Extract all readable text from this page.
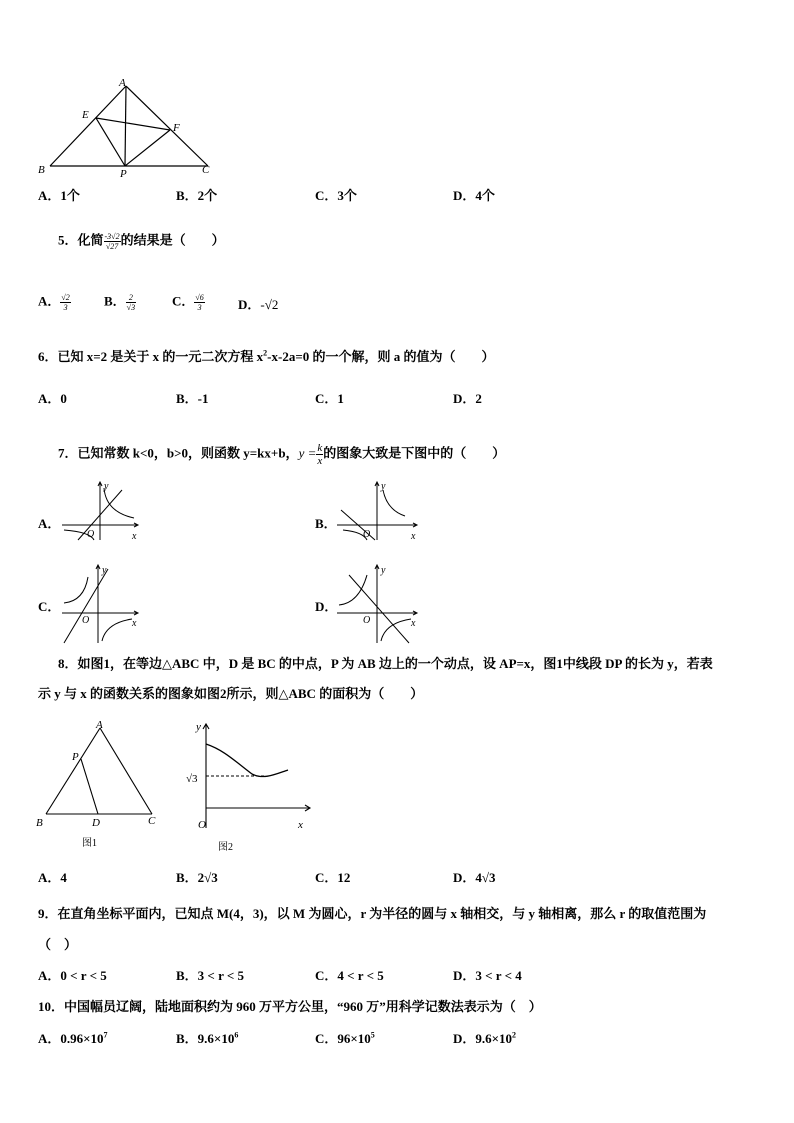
A
E
F
B	P	C
A．1个	B．2个	C．3个	D．4个
5．化简 $\frac{-3√2}{√27}$ 的结果是（　　）
A． $\frac{√2}{3}$	B． $\frac{2}{√3}$	C． $\frac{√6}{3}$	D．-√2
6．已知 x=2 是关于 x 的一元二次方程 $x^2-x-2a=0$ 的一个解，则 a 的值为（　　）
A．0	B．-1	C．1	D．2
7．已知常数 k<0，b>0，则函数 y=kx+b，$y = \frac{k}{x}$ 的图象大致是下图中的（　　）
A．	B．
C．	D．
y
O	x
y
O	x
y
O	x
y
O	x
8．如图1，在等边△ABC 中，D 是 BC 的中点，P 为 AB 边上的一个动点，设 AP=x，图1中线段 DP 的长为 y，若表
示 y 与 x 的函数关系的图象如图2所示，则△ABC 的面积为（　　）
A
P
B	D	C
图1
y
√3
O	x
图2
A．4	B．2√3	C．12	D．4√3
9．在直角坐标平面内，已知点 M(4，3)，以 M 为圆心，r 为半径的圆与 x 轴相交，与 y 轴相离，那么 r 的取值范围为
（　）
A．0 < r < 5	B．3 < r < 5	C．4 < r < 5	D．3 < r < 4
10．中国幅员辽阔，陆地面积约为 960 万平方公里，“960 万”用科学记数法表示为（　）
A．$0.96\times 10^7$	B．$9.6\times 10^6$	C．$96\times 10^5$	D．$9.6\times 10^2$
